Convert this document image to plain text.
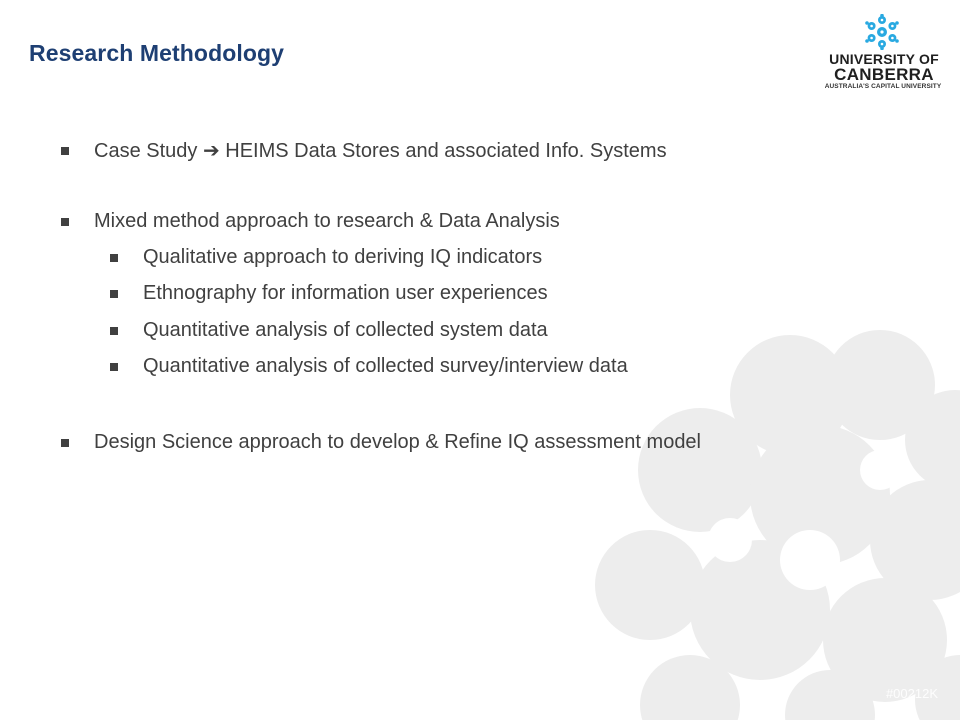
Research Methodology	UNIVERSITY OF
CANBERRA
AUSTRALIA'S CAPITAL UNIVERSITY
Case Study ➔ HEIMS Data Stores and associated Info. Systems
Mixed method approach to research & Data Analysis
Qualitative approach to deriving IQ indicators
Ethnography for information user experiences
Quantitative analysis of collected system data
Quantitative analysis of collected survey/interview data
Design Science approach to develop & Refine IQ assessment model
#00212K
